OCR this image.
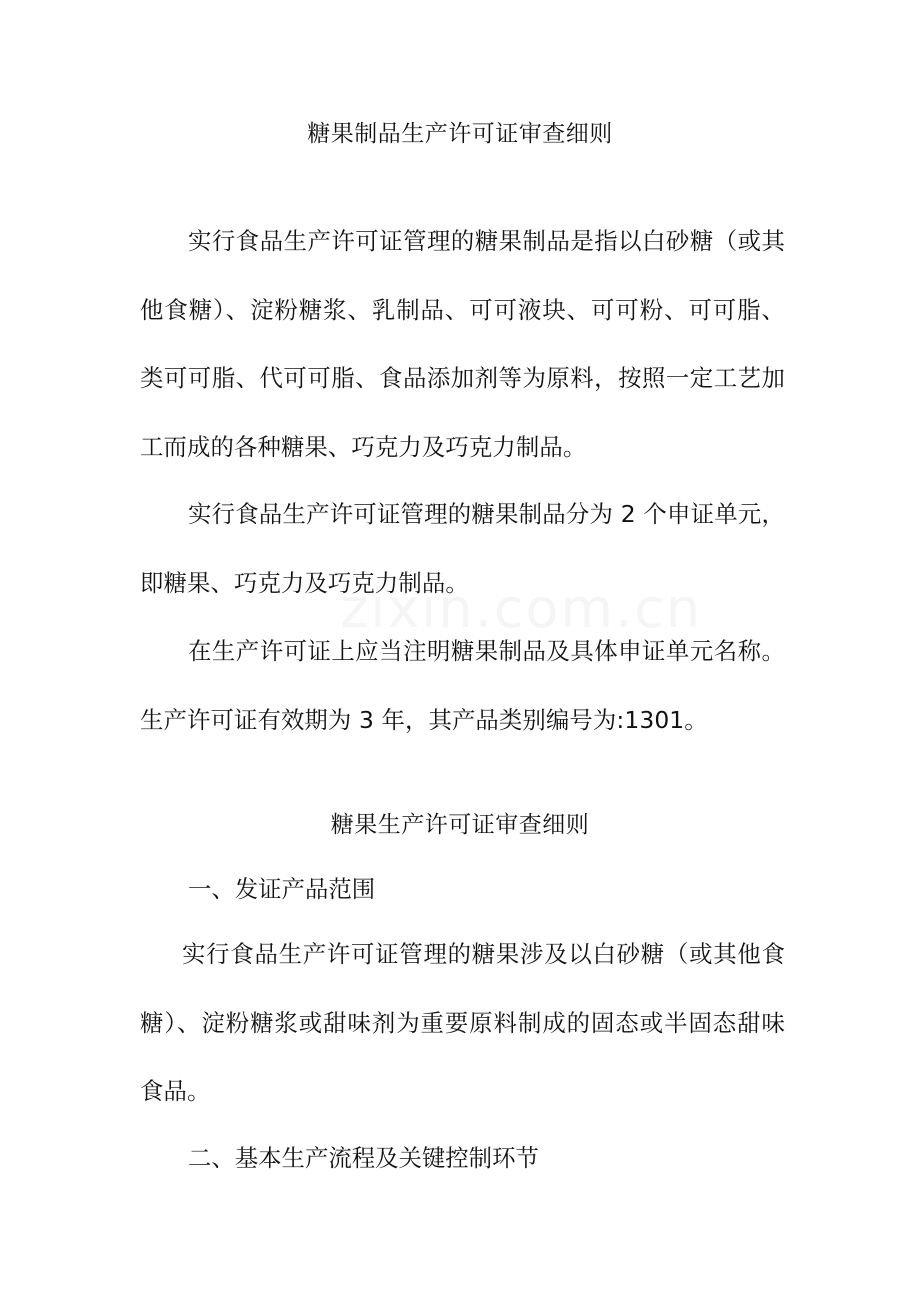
糖果制品生产许可证审查细则

实行食品生产许可证管理的糖果制品是指以白砂糖（或其他食糖）、淀粉糖浆、乳制品、可可液块、可可粉、可可脂、类可可脂、代可可脂、食品添加剂等为原料，按照一定工艺加工而成的各种糖果、巧克力及巧克力制品。

实行食品生产许可证管理的糖果制品分为 2 个申证单元，即糖果、巧克力及巧克力制品。

zixin.com.cn

在生产许可证上应当注明糖果制品及具体申证单元名称。生产许可证有效期为 3 年，其产品类别编号为:1301。

糖果生产许可证审查细则
一、发证产品范围

实行食品生产许可证管理的糖果涉及以白砂糖（或其他食糖）、淀粉糖浆或甜味剂为重要原料制成的固态或半固态甜味食品。

二、基本生产流程及关键控制环节
